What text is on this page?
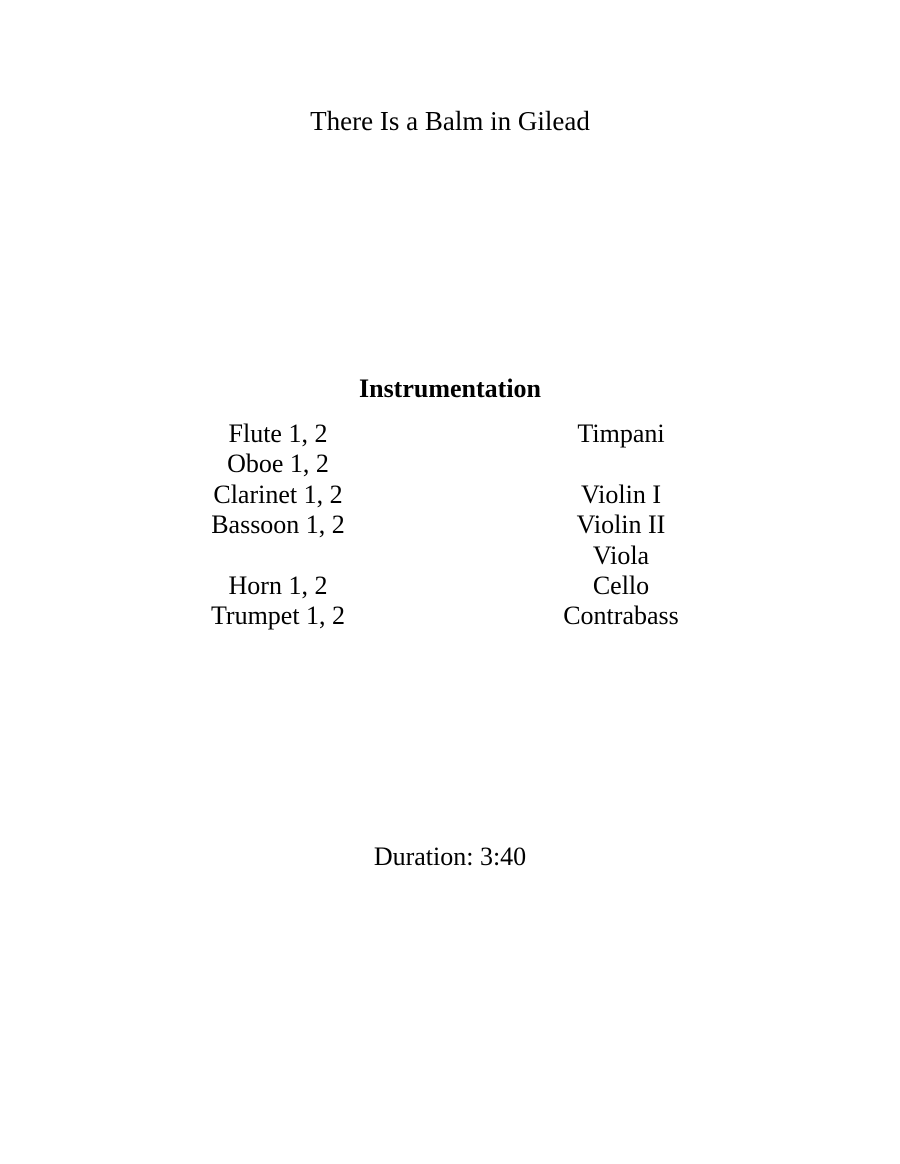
There Is a Balm in Gilead
Instrumentation
Flute 1, 2
Oboe 1, 2
Clarinet 1, 2
Bassoon 1, 2
Horn 1, 2
Trumpet 1, 2
Timpani
Violin I
Violin II
Viola
Cello
Contrabass
Duration: 3:40
